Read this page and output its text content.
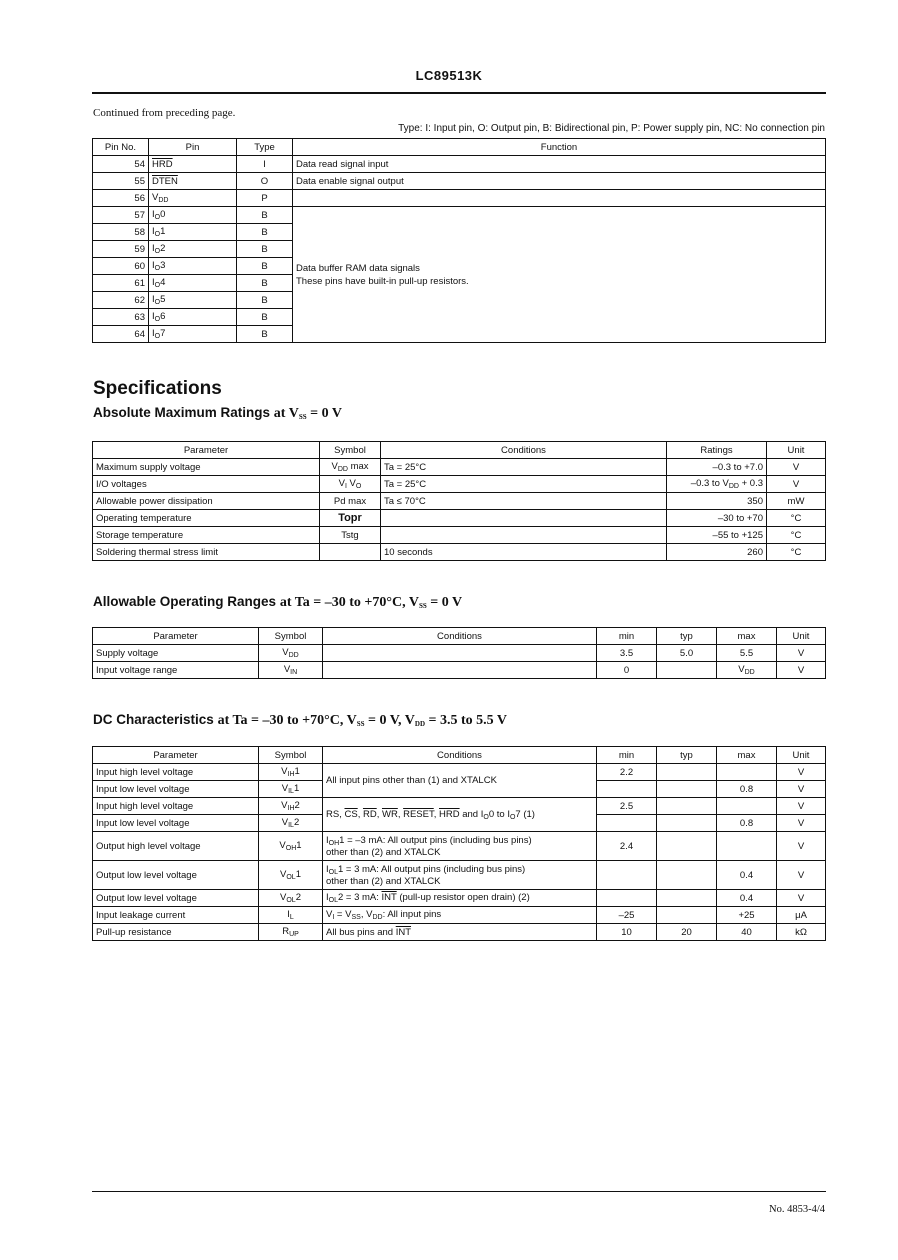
LC89513K
Continued from preceding page.
Type: I: Input pin, O: Output pin, B: Bidirectional pin, P: Power supply pin, NC: No connection pin
Pin No.	Pin	Type	Function
54	$\overline{HRD}$	I	Data read signal input
55	DTEN	O	Data enable signal output
56	$V_{DD}$	P	
57	$I_O0$	B	Data buffer RAM data signals
These pins have built-in pull-up resistors.

58	$I_O1$	B	
59	$I_O2$	B	
60	$I_O3$	B	
61	$I_O4$	B	
62	$I_O5$	B	
63	$I_O6$	B	
64	$I_O7$	B	
Specifications
Absolute Maximum Ratings at $V_{SS} = 0$ V
Parameter	Symbol	Conditions	Ratings	Unit
Maximum supply voltage	$V_{DD}$ max	Ta = 25°C	–0.3 to +7.0	V
I/O voltages	$V_I$ $V_O$	Ta = 25°C	–0.3 to $V_{DD} + 0.3$	V
Allowable power dissipation	Pd max	Ta ≤ 70°C	350	mW
Operating temperature	Topr		–30 to +70	°C
Storage temperature	Tstg		–55 to +125	°C
Soldering thermal stress limit		10 seconds	260	°C
Allowable Operating Ranges at Ta = –30 to +70°C, $V_{SS} = 0$ V
Parameter	Symbol	Conditions	min	typ	max	Unit
Supply voltage	$V_{DD}$		3.5	5.0	5.5	V
Input voltage range	$V_{IN}$		0		$V_{DD}$	V
DC Characteristics at Ta = –30 to +70°C, $V_{SS} = 0$ V, $V_{DD} = 3.5$ to 5.5 V
Parameter	Symbol	Conditions	min	typ	max	Unit
Input high level voltage	$V_{IH}1$	All input pins other than (1) and XTALCK	2.2			V
Input low level voltage	$V_{IL}1$				0.8	V
Input high level voltage	$V_{IH}2$	RS, $\overline{CS}$, $\overline{RD}$, $\overline{WR}$, RESET, $\overline{HRD}$ and $I_O0$ to $I_O7$ (1)	2.5			V
Input low level voltage	$V_{IL}2$				0.8	V
Output high level voltage	$V_{OH}1$	$I_{OH}1 = -3$ mA: All output pins (including bus pins)
other than (2) and XTALCK	2.4			V
Output low level voltage	$V_{OL}1$	$I_{OL}1 = 3$ mA: All output pins (including bus pins)
other than (2) and XTALCK			0.4	V
Output low level voltage	$V_{OL}2$	$I_{OL}2 = 3$ mA: $\overline{INT}$ (pull-up resistor open drain) (2)			0.4	V
Input leakage current	$I_L$	$V_I = V_{SS}$, $V_{DD}$: All input pins	–25		+25	μA
Pull-up resistance	$R_{UP}$	All bus pins and $\overline{INT}$	10	20	40	kΩ
No. 4853-4/4
